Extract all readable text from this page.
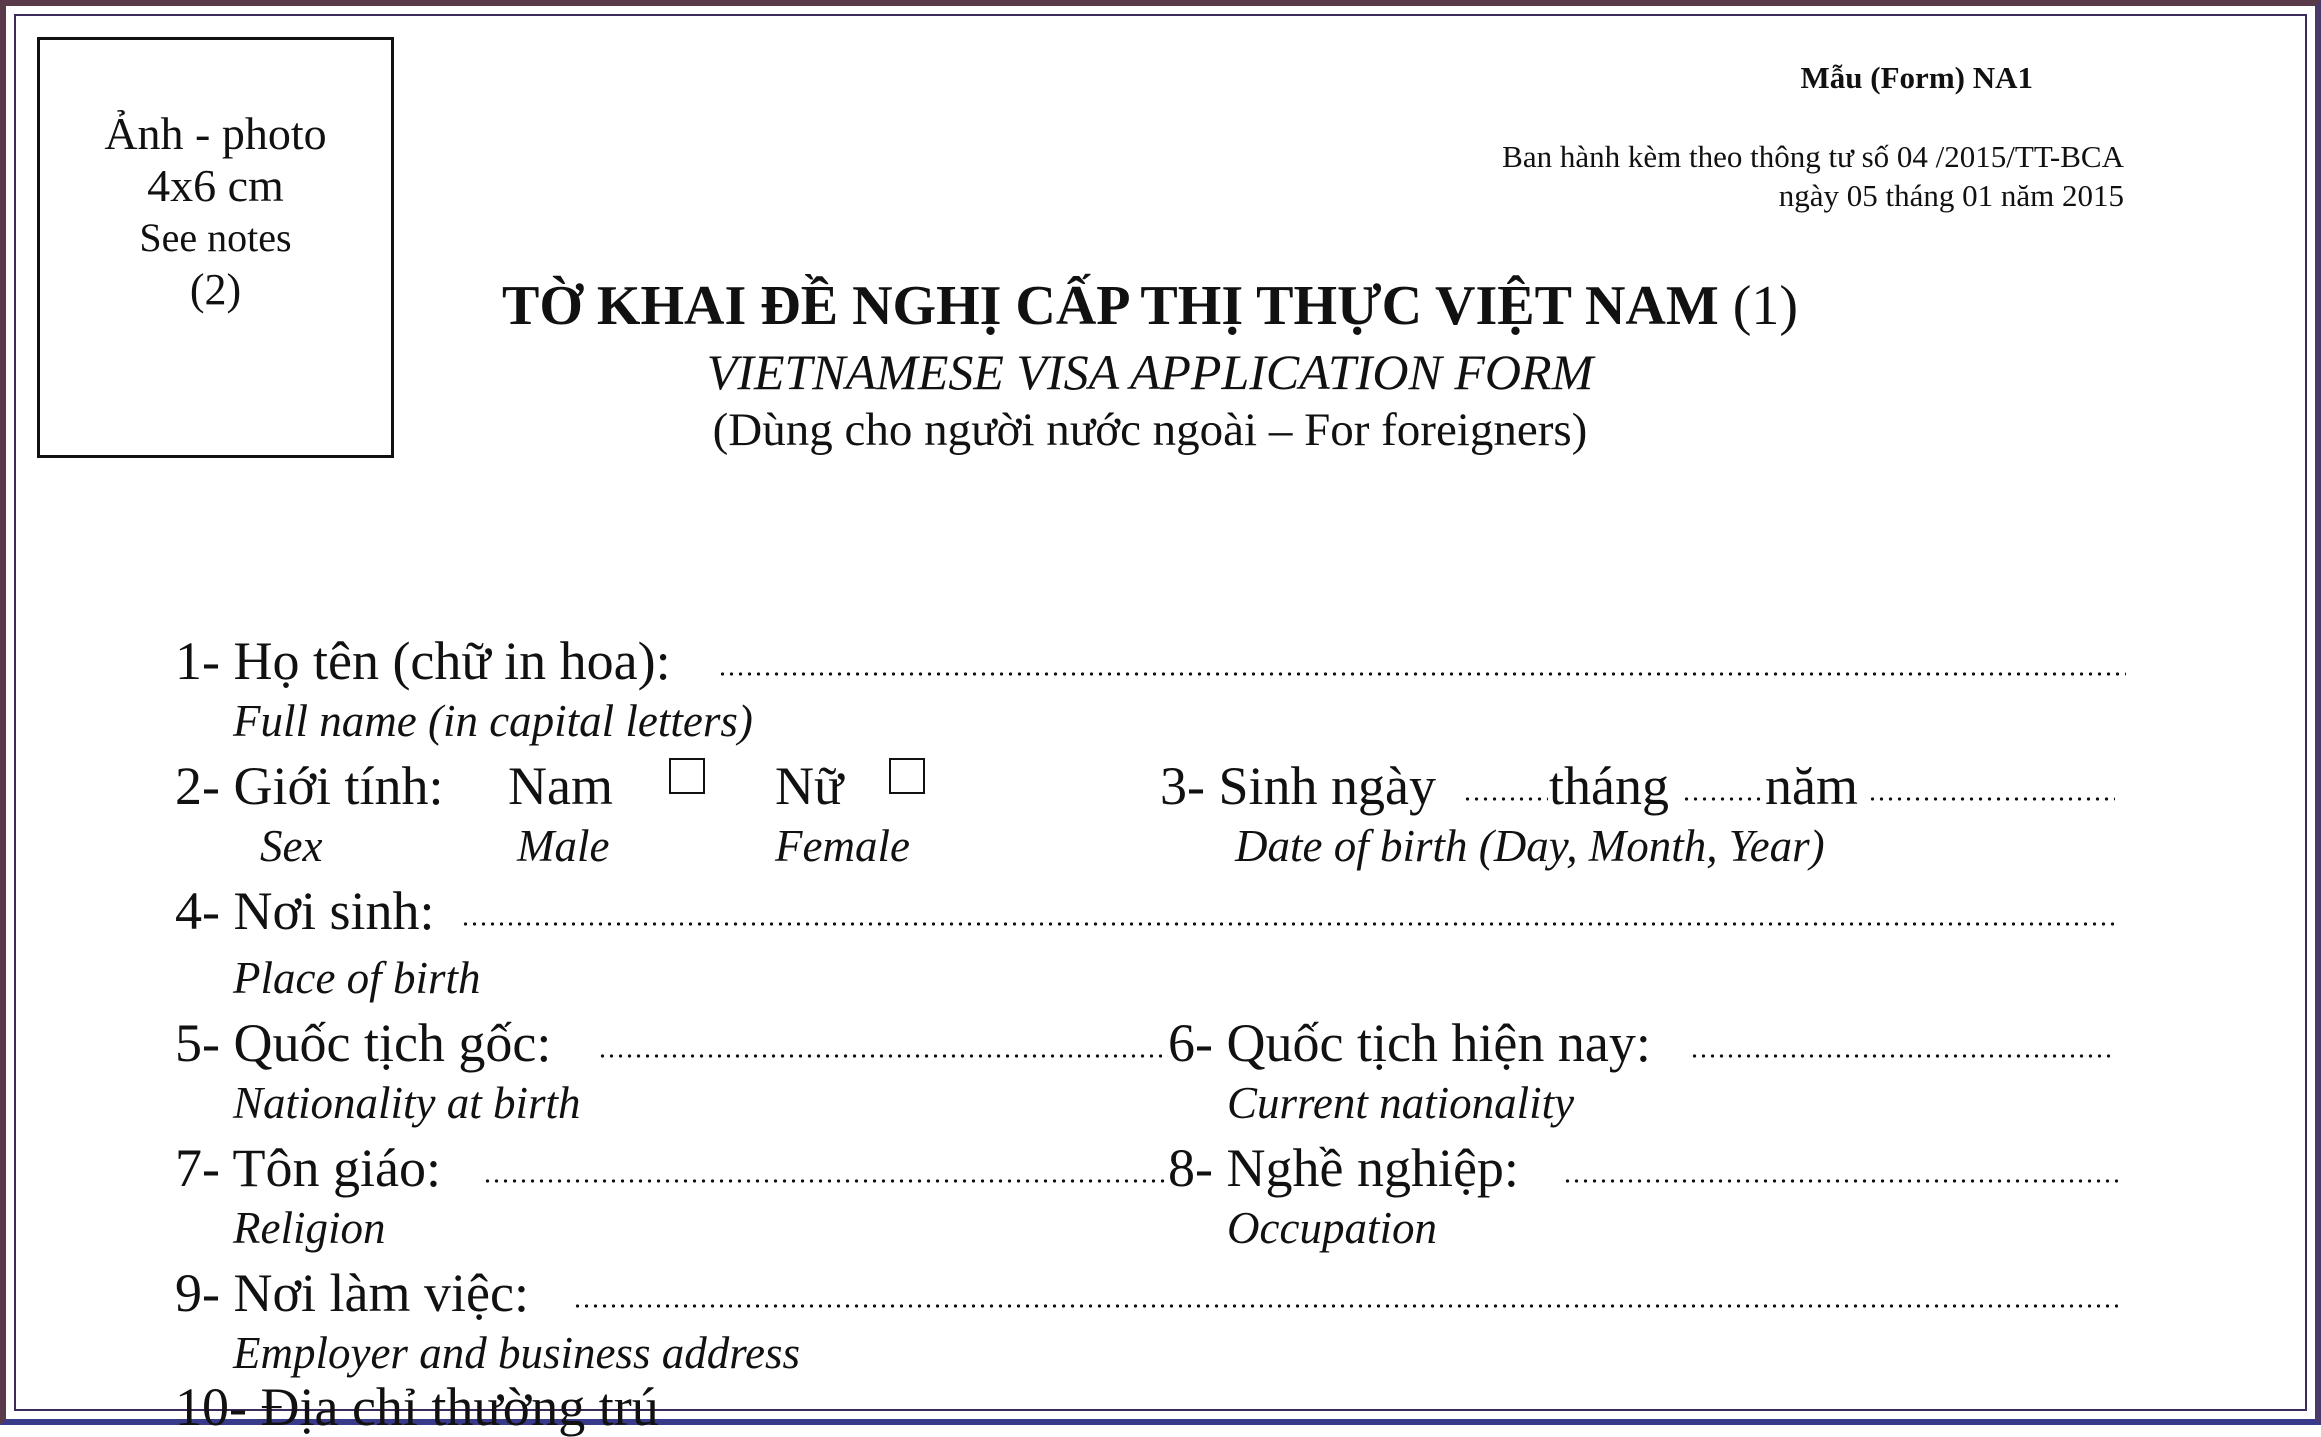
Ảnh - photo
4x6 cm
See notes
(2)
Mẫu (Form) NA1
Ban hành kèm theo thông tư số 04 /2015/TT-BCA
ngày 05 tháng 01 năm 2015
TỜ KHAI ĐỀ NGHỊ CẤP THỊ THỰC VIỆT NAM (1)
VIETNAMESE VISA APPLICATION FORM
(Dùng cho người nước ngoài – For foreigners)
1- Họ tên (chữ in hoa):
Full name (in capital letters)
2- Giới tính: Nam	Nữ
Sex	Male	Female
3- Sinh ngày tháng năm
Date of birth (Day, Month, Year)
4- Nơi sinh:
Place of birth
5- Quốc tịch gốc:	6- Quốc tịch hiện nay:
Nationality at birth	Current nationality
7- Tôn giáo:	8- Nghề nghiệp:
Religion	Occupation
9- Nơi làm việc:
Employer and business address
10- Địa chỉ thường trú
